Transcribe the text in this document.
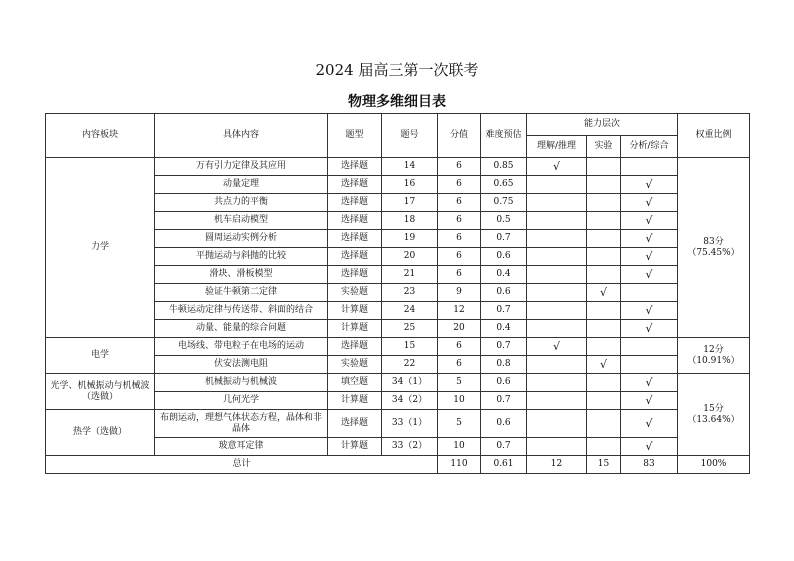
2024 届高三第一次联考
物理多维细目表
内容板块	具体内容	题型	题号	分值	难度预估	能力层次			权重比例
						理解/推理	实验	分析/综合	
力学	万有引力定律及其应用	选择题	14	6	0.85	√			83分（75.45%）
	动量定理	选择题	16	6	0.65			√	
	共点力的平衡	选择题	17	6	0.75			√	
	机车启动模型	选择题	18	6	0.5			√	
	圆周运动实例分析	选择题	19	6	0.7			√	
	平抛运动与斜抛的比较	选择题	20	6	0.6			√	
	滑块、滑板模型	选择题	21	6	0.4			√	
	验证牛顿第二定律	实验题	23	9	0.6		√		
	牛顿运动定律与传送带、斜面的结合	计算题	24	12	0.7			√	
	动量、能量的综合问题	计算题	25	20	0.4			√	
电学	电场线、带电粒子在电场的运动	选择题	15	6	0.7	√			12分（10.91%）
	伏安法测电阻	实验题	22	6	0.8		√		
光学、机械振动与机械波（选做）	机械振动与机械波	填空题	34（1）	5	0.6			√	15分（13.64%）
	几何光学	计算题	34（2）	10	0.7			√	
热学（选做）	布朗运动，理想气体状态方程，晶体和非晶体	选择题	33（1）	5	0.6			√	
	玻意耳定律	计算题	33（2）	10	0.7			√	
总计				110	0.61	12	15	83	100%
